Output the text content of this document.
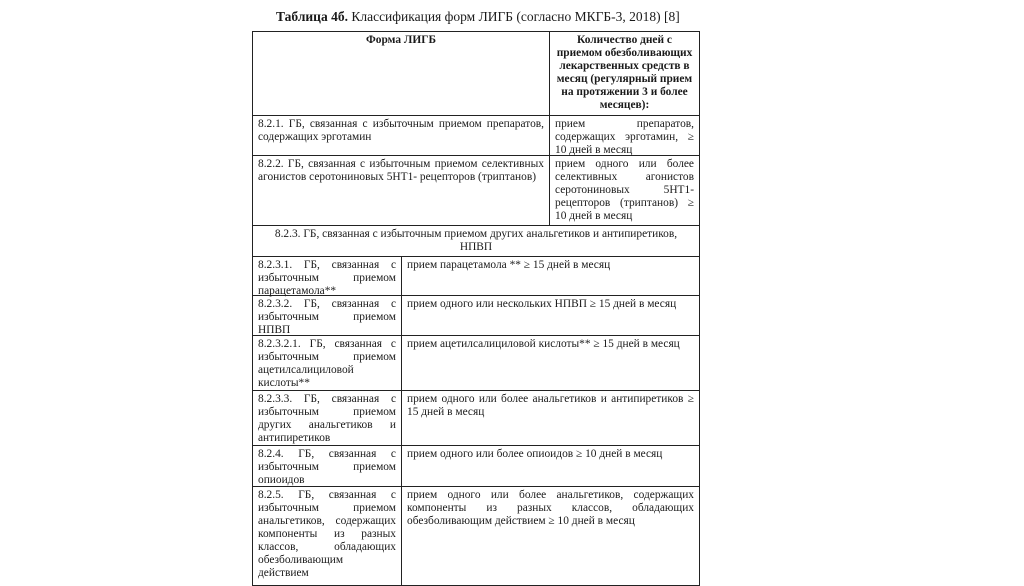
Таблица 4б. Классификация форм ЛИГБ (согласно МКГБ-3, 2018) [8]
Форма ЛИГБ	Количество дней с приемом обезболивающих лекарственных средств в месяц (регулярный прием на протяжении 3 и более месяцев):
8.2.1. ГБ, связанная с избыточным приемом препаратов, содержащих эрготамин
прием препаратов, содержащих эрготамин, ≥ 10 дней в месяц
8.2.2. ГБ, связанная с избыточным приемом селективных агонистов серотониновых 5НТ1- рецепторов (триптанов)
прием одного или более селективных агонистов серотониновых 5НТ1- рецепторов (триптанов) ≥ 10 дней в месяц
8.2.3. ГБ, связанная с избыточным приемом других анальгетиков и антипиретиков, НПВП
8.2.3.1. ГБ, связанная с избыточным приемом парацетамола**
прием парацетамола ** ≥ 15 дней в месяц
8.2.3.2. ГБ, связанная с избыточным приемом НПВП
прием одного или нескольких НПВП ≥ 15 дней в месяц
8.2.3.2.1. ГБ, связанная с избыточным приемом ацетилсалициловой кислоты**
прием ацетилсалициловой кислоты** ≥ 15 дней в месяц
8.2.3.3. ГБ, связанная с избыточным приемом других анальгетиков и антипиретиков
прием одного или более анальгетиков и антипиретиков ≥ 15 дней в месяц
8.2.4. ГБ, связанная с избыточным приемом опиоидов
прием одного или более опиоидов ≥ 10 дней в месяц
8.2.5. ГБ, связанная с избыточным приемом анальгетиков, содержащих компоненты из разных классов, обладающих обезболивающим действием
прием одного или более анальгетиков, содержащих компоненты из разных классов, обладающих обезболивающим действием ≥ 10 дней в месяц
